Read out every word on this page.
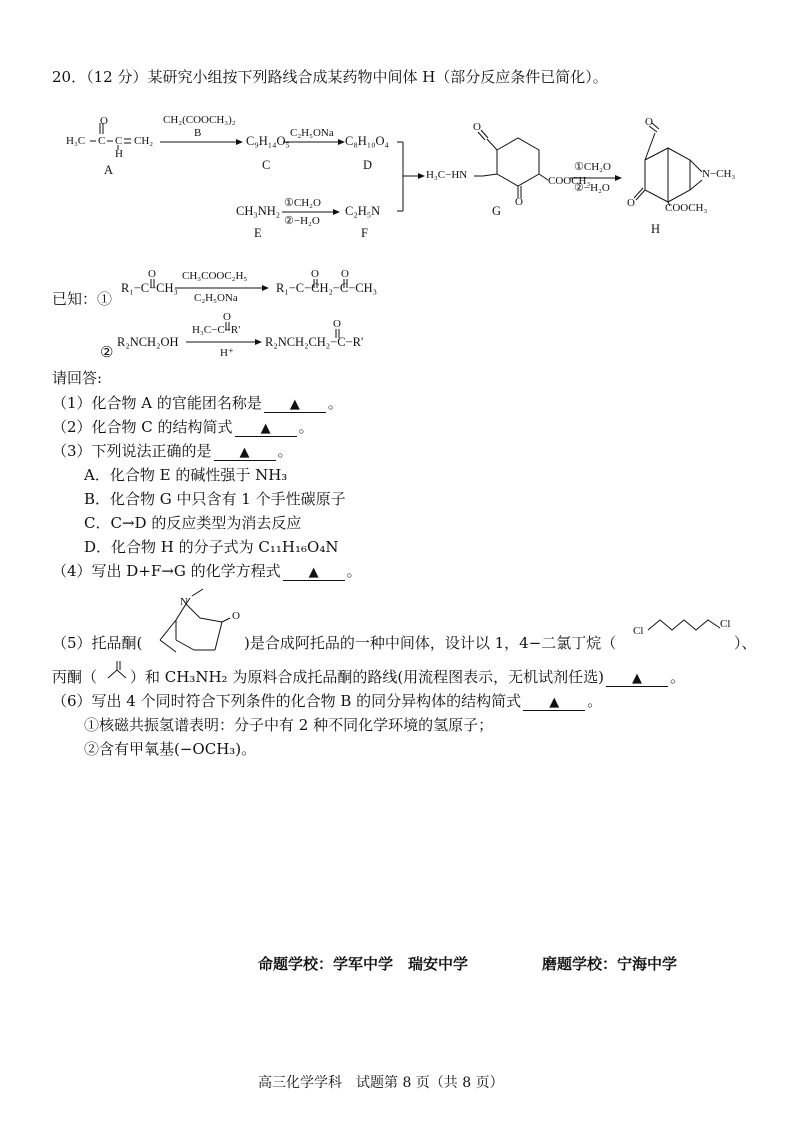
20．（12 分）某研究小组按下列路线合成某药物中间体 H（部分反应条件已简化）。
O
H₃C C C
H
CH₂
A
CH₂(COOCH₃)₂
B
C₉H₁₄O₅
C
C₂H₅ONa
C₈H₁₀O₄
D
CH₃NH₂
E
①CH₂O
②−H₂O
C₂H₅N
F
O
H₃C−HN	COOCH₃
O
G
①CH₂O
②−H₂O
O
N−CH₃
O	COOCH₃
H
已知：①
O
R₁−C−CH₃
CH₃COOC₂H₅
C₂H₅ONa
O O
R₁−C−CH₂−C−CH₃
②
O
R₂NCH₂OH
H₃C−C−R'
H⁺
O
R₂NCH₂CH₂−C−R'
请回答:
（1）化合物 A 的官能团名称是 ▲ 。
（2）化合物 C 的结构简式 ▲ 。
（3）下列说法正确的是 ▲ 。
A．化合物 E 的碱性强于 NH₃
B．化合物 G 中只含有 1 个手性碳原子
C．C→D 的反应类型为消去反应
D．化合物 H 的分子式为 C₁₁H₁₆O₄N
（4）写出 D+F→G 的化学方程式 ▲ 。
（5）托品酮(
N
O
)是合成阿托品的一种中间体，设计以 1，4−二氯丁烷（
Cl
Cl
）、
丙酮（ ）和 CH₃NH₂ 为原料合成托品酮的路线(用流程图表示，无机试剂任选) ▲ 。
（6）写出 4 个同时符合下列条件的化合物 B 的同分异构体的结构简式 ▲ 。
①核磁共振氢谱表明：分子中有 2 种不同化学环境的氢原子；
②含有甲氧基(−OCH₃)。
命题学校：学军中学　瑞安中学	磨题学校：宁海中学
高三化学学科　试题第 8 页（共 8 页）
